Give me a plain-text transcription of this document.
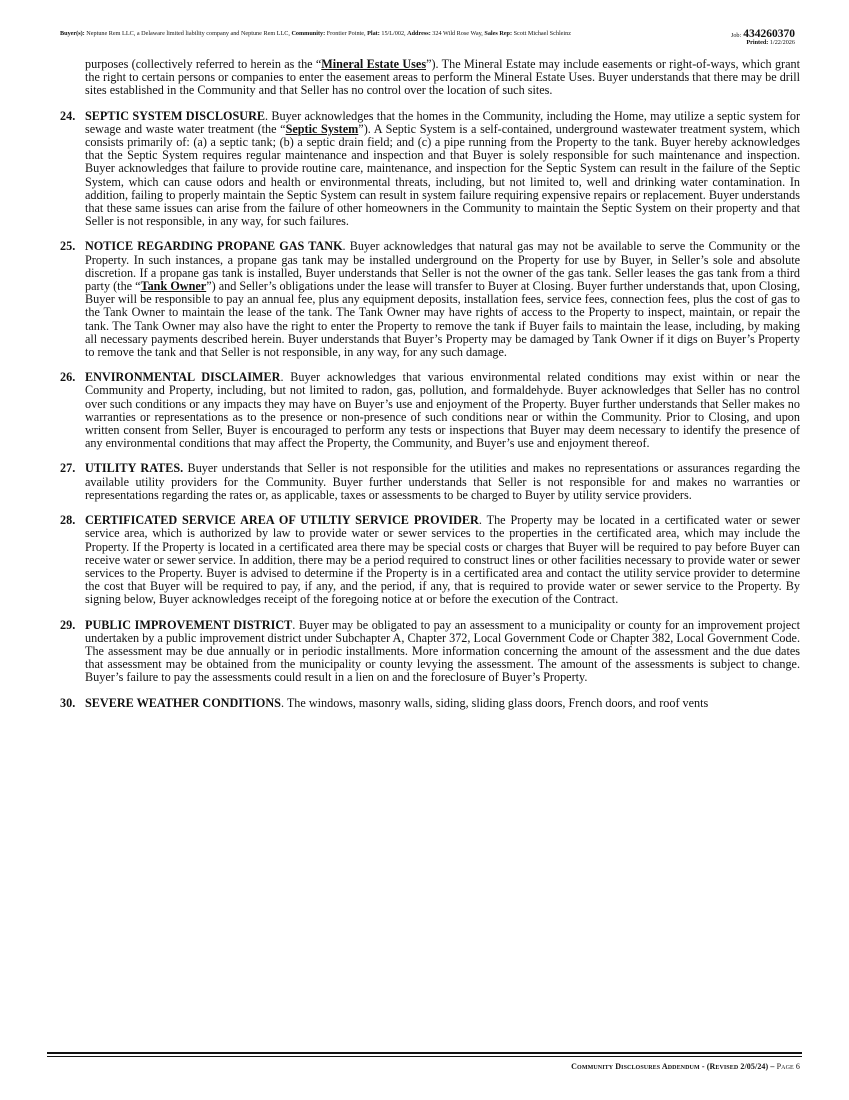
Buyer(s): Neptune Rem LLC, a Delaware limited liability company and Neptune Rem LLC, Community: Frontier Pointe, Plat: 15/L/002, Address: 324 Wild Rose Way, Sales Rep: Scott Michael Schleinz	Job: 434260370
Printed: 1/22/2026

purposes (collectively referred to herein as the “Mineral Estate Uses”). The Mineral Estate may include easements or right-of-ways, which grant the right to certain persons or companies to enter the easement areas to perform the Mineral Estate Uses. Buyer understands that there may be drill sites established in the Community and that Seller has no control over the location of such sites.

24. SEPTIC SYSTEM DISCLOSURE. Buyer acknowledges that the homes in the Community, including the Home, may utilize a septic system for sewage and waste water treatment (the “Septic System”). A Septic System is a self-contained, underground wastewater treatment system, which consists primarily of: (a) a septic tank; (b) a septic drain field; and (c) a pipe running from the Property to the tank. Buyer hereby acknowledges that the Septic System requires regular maintenance and inspection and that Buyer is solely responsible for such maintenance and inspection. Buyer acknowledges that failure to provide routine care, maintenance, and inspection for the Septic System can result in the failure of the Septic System, which can cause odors and health or environmental threats, including, but not limited to, well and drinking water contamination. In addition, failing to properly maintain the Septic System can result in system failure requiring expensive repairs or replacement. Buyer understands that these same issues can arise from the failure of other homeowners in the Community to maintain the Septic System on their property and that Seller is not responsible, in any way, for such failures.
25. NOTICE REGARDING PROPANE GAS TANK. Buyer acknowledges that natural gas may not be available to serve the Community or the Property. In such instances, a propane gas tank may be installed underground on the Property for use by Buyer, in Seller’s sole and absolute discretion. If a propane gas tank is installed, Buyer understands that Seller is not the owner of the gas tank. Seller leases the gas tank from a third party (the “Tank Owner”) and Seller’s obligations under the lease will transfer to Buyer at Closing. Buyer further understands that, upon Closing, Buyer will be responsible to pay an annual fee, plus any equipment deposits, installation fees, service fees, connection fees, plus the cost of gas to the Tank Owner to maintain the lease of the tank. The Tank Owner may have rights of access to the Property to inspect, maintain, or repair the tank. The Tank Owner may also have the right to enter the Property to remove the tank if Buyer fails to maintain the lease, including, by making all necessary payments described herein. Buyer understands that Buyer’s Property may be damaged by Tank Owner if it digs on Buyer’s Property to remove the tank and that Seller is not responsible, in any way, for any such damage.
26. ENVIRONMENTAL DISCLAIMER. Buyer acknowledges that various environmental related conditions may exist within or near the Community and Property, including, but not limited to radon, gas, pollution, and formaldehyde. Buyer acknowledges that Seller has no control over such conditions or any impacts they may have on Buyer’s use and enjoyment of the Property. Buyer further understands that Seller makes no warranties or representations as to the presence or non-presence of such conditions near or within the Community. Prior to Closing, and upon written consent from Seller, Buyer is encouraged to perform any tests or inspections that Buyer may deem necessary to identify the presence of any environmental conditions that may affect the Property, the Community, and Buyer’s use and enjoyment thereof.
27. UTILITY RATES. Buyer understands that Seller is not responsible for the utilities and makes no representations or assurances regarding the available utility providers for the Community. Buyer further understands that Seller is not responsible for and makes no warranties or representations regarding the rates or, as applicable, taxes or assessments to be charged to Buyer by utility service providers.
28. CERTIFICATED SERVICE AREA OF UTILTIY SERVICE PROVIDER. The Property may be located in a certificated water or sewer service area, which is authorized by law to provide water or sewer services to the properties in the certificated area, which may include the Property. If the Property is located in a certificated area there may be special costs or charges that Buyer will be required to pay before Buyer can receive water or sewer service. In addition, there may be a period required to construct lines or other facilities necessary to provide water or sewer services to the Property. Buyer is advised to determine if the Property is in a certificated area and contact the utility service provider to determine the cost that Buyer will be required to pay, if any, and the period, if any, that is required to provide water or sewer service to the Property. By signing below, Buyer acknowledges receipt of the foregoing notice at or before the execution of the Contract.
29. PUBLIC IMPROVEMENT DISTRICT. Buyer may be obligated to pay an assessment to a municipality or county for an improvement project undertaken by a public improvement district under Subchapter A, Chapter 372, Local Government Code or Chapter 382, Local Government Code. The assessment may be due annually or in periodic installments. More information concerning the amount of the assessment and the due dates that assessment may be obtained from the municipality or county levying the assessment. The amount of the assessments is subject to change. Buyer’s failure to pay the assessments could result in a lien on and the foreclosure of Buyer’s Property.
30. SEVERE WEATHER CONDITIONS. The windows, masonry walls, siding, sliding glass doors, French doors, and roof vents
Community Disclosures Addendum - (Revised 2/05/24) – Page 6
